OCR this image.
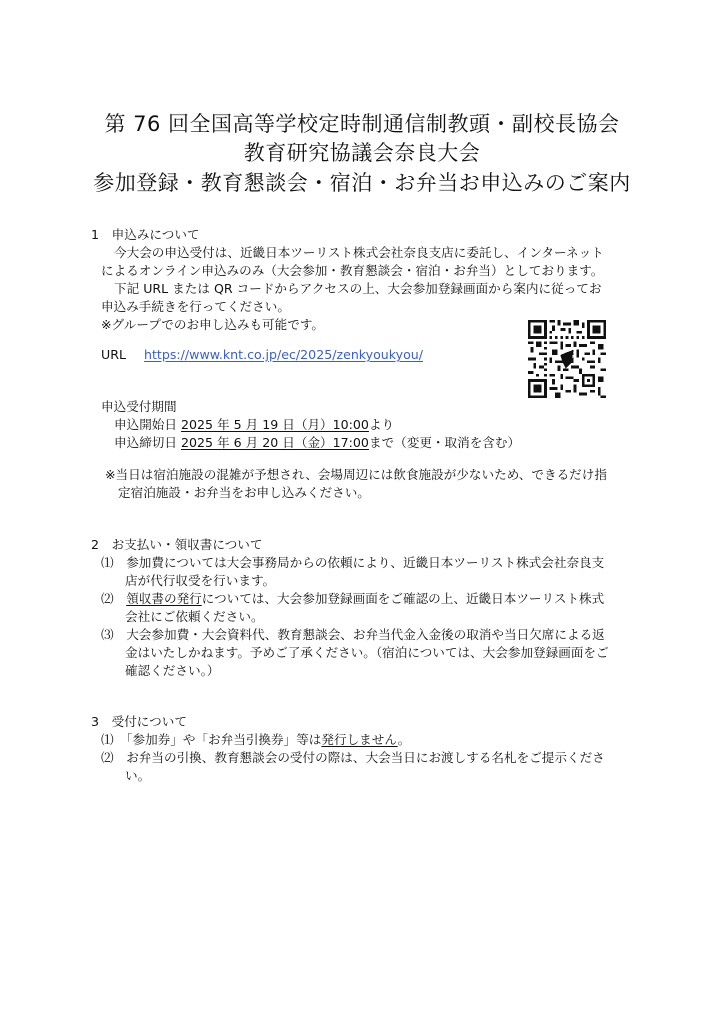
第 76 回全国高等学校定時制通信制教頭・副校長協会
教育研究協議会奈良大会
参加登録・教育懇談会・宿泊・お弁当お申込みのご案内
1　申込みについて
今大会の申込受付は、近畿日本ツーリスト株式会社奈良支店に委託し、インターネット
によるオンライン申込みのみ（大会参加・教育懇談会・宿泊・お弁当）としております。
下記 URL または QR コードからアクセスの上、大会参加登録画面から案内に従ってお
申込み手続きを行ってください。
※グループでのお申し込みも可能です。
URL https://www.knt.co.jp/ec/2025/zenkyoukyou/
申込受付期間
申込開始日 2025 年 5 月 19 日（月）10:00より
申込締切日 2025 年 6 月 20 日（金）17:00まで（変更・取消を含む）
※当日は宿泊施設の混雑が予想され、会場周辺には飲食施設が少ないため、できるだけ指
定宿泊施設・お弁当をお申し込みください。
2　お支払い・領収書について
⑴　参加費については大会事務局からの依頼により、近畿日本ツーリスト株式会社奈良支
店が代行収受を行います。
⑵　領収書の発行については、大会参加登録画面をご確認の上、近畿日本ツーリスト株式
会社にご依頼ください。
⑶　大会参加費・大会資料代、教育懇談会、お弁当代金入金後の取消や当日欠席による返
金はいたしかねます。予めご了承ください。（宿泊については、大会参加登録画面をご
確認ください。）
3　受付について
⑴　「参加券」や「お弁当引換券」等は発行しません。
⑵　お弁当の引換、教育懇談会の受付の際は、大会当日にお渡しする名札をご提示くださ
い。
